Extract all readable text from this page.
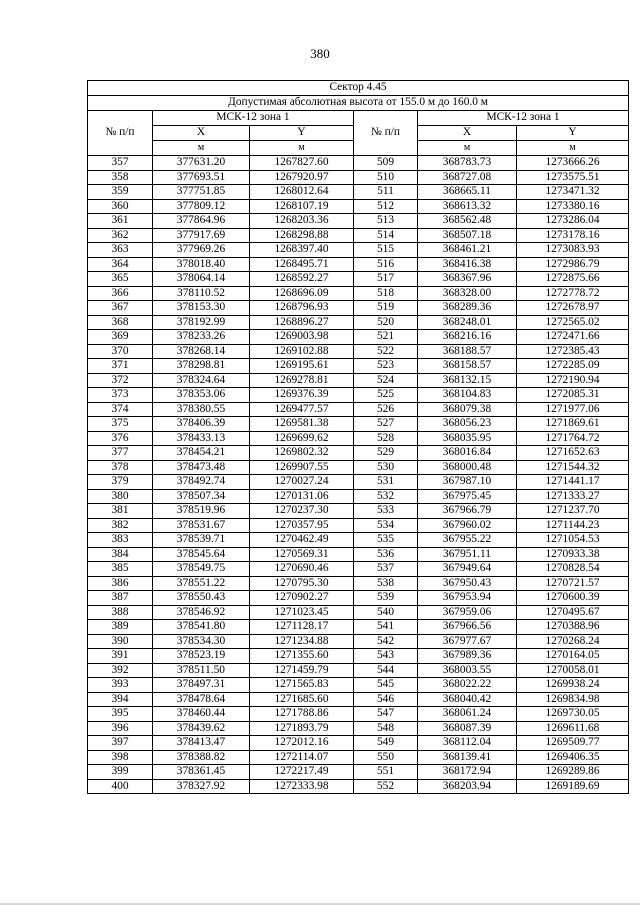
380
Сектор 4.45					
Допустимая абсолютная высота от 155.0 м до 160.0 м					
№ п/п	МСК-12 зона 1		№ п/п	МСК-12 зона 1	
	X	Y		X	Y
	м	м		м	м
357	377631.20	1267827.60	509	368783.73	1273666.26
358	377693.51	1267920.97	510	368727.08	1273575.51
359	377751.85	1268012.64	511	368665.11	1273471.32
360	377809.12	1268107.19	512	368613.32	1273380.16
361	377864.96	1268203.36	513	368562.48	1273286.04
362	377917.69	1268298.88	514	368507.18	1273178.16
363	377969.26	1268397.40	515	368461.21	1273083.93
364	378018.40	1268495.71	516	368416.38	1272986.79
365	378064.14	1268592.27	517	368367.96	1272875.66
366	378110.52	1268696.09	518	368328.00	1272778.72
367	378153.30	1268796.93	519	368289.36	1272678.97
368	378192.99	1268896.27	520	368248.01	1272565.02
369	378233.26	1269003.98	521	368216.16	1272471.66
370	378268.14	1269102.88	522	368188.57	1272385.43
371	378298.81	1269195.61	523	368158.57	1272285.09
372	378324.64	1269278.81	524	368132.15	1272190.94
373	378353.06	1269376.39	525	368104.83	1272085.31
374	378380.55	1269477.57	526	368079.38	1271977.06
375	378406.39	1269581.38	527	368056.23	1271869.61
376	378433.13	1269699.62	528	368035.95	1271764.72
377	378454.21	1269802.32	529	368016.84	1271652.63
378	378473.48	1269907.55	530	368000.48	1271544.32
379	378492.74	1270027.24	531	367987.10	1271441.17
380	378507.34	1270131.06	532	367975.45	1271333.27
381	378519.96	1270237.30	533	367966.79	1271237.70
382	378531.67	1270357.95	534	367960.02	1271144.23
383	378539.71	1270462.49	535	367955.22	1271054.53
384	378545.64	1270569.31	536	367951.11	1270933.38
385	378549.75	1270690.46	537	367949.64	1270828.54
386	378551.22	1270795.30	538	367950.43	1270721.57
387	378550.43	1270902.27	539	367953.94	1270600.39
388	378546.92	1271023.45	540	367959.06	1270495.67
389	378541.80	1271128.17	541	367966.56	1270388.96
390	378534.30	1271234.88	542	367977.67	1270268.24
391	378523.19	1271355.60	543	367989.36	1270164.05
392	378511.50	1271459.79	544	368003.55	1270058.01
393	378497.31	1271565.83	545	368022.22	1269938.24
394	378478.64	1271685.60	546	368040.42	1269834.98
395	378460.44	1271788.86	547	368061.24	1269730.05
396	378439.62	1271893.79	548	368087.39	1269611.68
397	378413.47	1272012.16	549	368112.04	1269509.77
398	378388.82	1272114.07	550	368139.41	1269406.35
399	378361.45	1272217.49	551	368172.94	1269289.86
400	378327.92	1272333.98	552	368203.94	1269189.69
